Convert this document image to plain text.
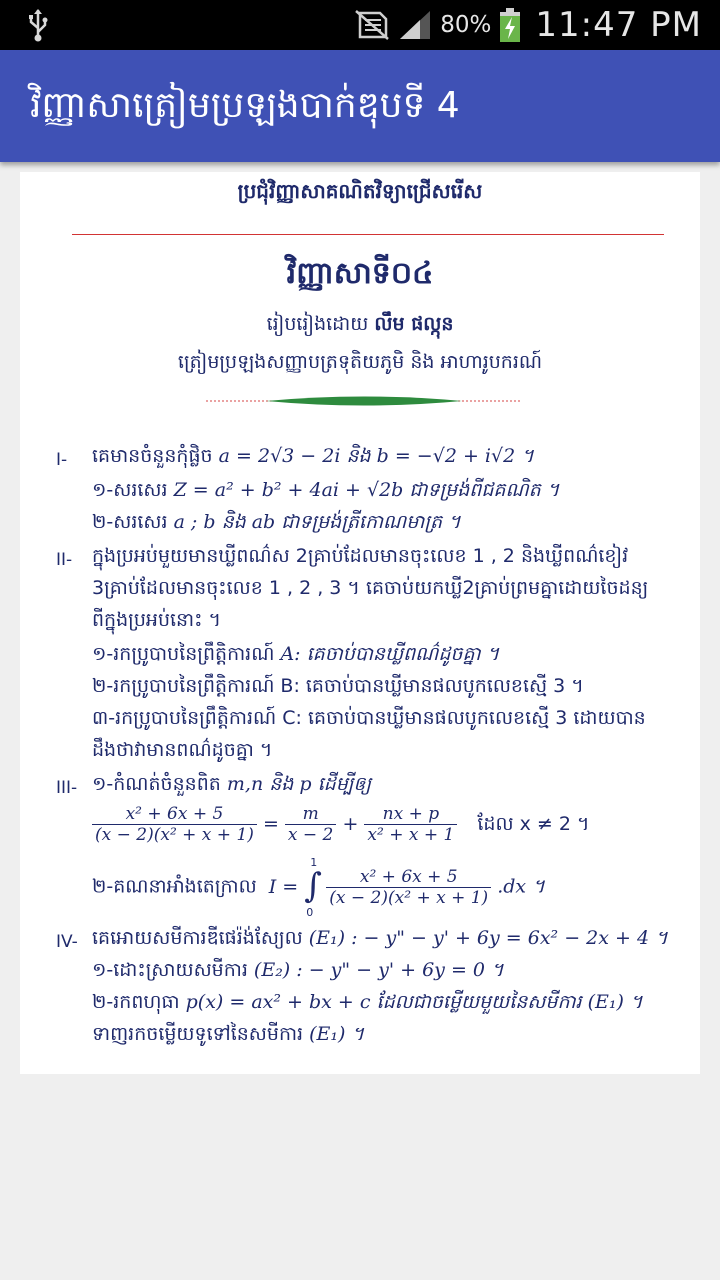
80% 11:47 PM
វិញ្ញាសាត្រៀមប្រឡងបាក់ឌុបទី 4
ប្រជុំវិញ្ញាសាគណិតវិទ្យាជ្រើសរើស
វិញ្ញាសាទី០៤
រៀបរៀងដោយ លឹម ផល្កុន
ត្រៀមប្រឡងសញ្ញាបត្រទុតិយភូមិ និង អាហារូបករណ៍
I-	គេមានចំនួនកុំផ្លិច a = 2√3 − 2i និង b = −√2 + i√2 ។
១-សរសេរ Z = a² + b² + 4ai + √2b ជាទម្រង់ពីជគណិត ។
២-សរសេរ a ; b និង ab ជាទម្រង់ត្រីកោណមាត្រ ។
II-	ក្នុងប្រអប់មួយមានឃ្លីពណ៌ស 2គ្រាប់ដែលមានចុះលេខ 1 , 2 និងឃ្លីពណ៌ខៀវ
3គ្រាប់ដែលមានចុះលេខ 1 , 2 , 3 ។ គេចាប់យកឃ្លី2គ្រាប់ព្រមគ្នាដោយចៃដន្យ
ពីក្នុងប្រអប់នោះ ។
១-រកប្រូបាបនៃព្រឹត្តិការណ៍ A: គេចាប់បានឃ្លីពណ៌ដូចគ្នា ។
២-រកប្រូបាបនៃព្រឹត្តិការណ៍ B: គេចាប់បានឃ្លីមានផលបូកលេខស្មើ 3 ។
៣-រកប្រូបាបនៃព្រឹត្តិការណ៍ C: គេចាប់បានឃ្លីមានផលបូកលេខស្មើ 3 ដោយបាន
ដឹងថាវាមានពណ៌ដូចគ្នា ។
III- ១-កំណត់ចំនួនពិត m,n និង p ដើម្បីឲ្យ
$\frac{\text{x² + 6x + 5}}{\text{(x − 2)(x² + x + 1)}} = \frac{m}{x - 2} + \frac{nx + p}{\text{x² + x + 1}}$ ដែល x ≠ 2 ។
២-គណនាអាំងតេក្រាល I =
1
∫
0

$\frac{\text{x² + 6x + 5}}{\text{(x − 2)(x² + x + 1)}} .dx$ ។
IV- គេអោយសមីការឌីផេរ៉ង់ស្យែល (E₁) : − y" − y' + 6y = 6x² − 2x + 4 ។
១-ដោះស្រាយសមីការ (E₂) : − y" − y' + 6y = 0 ។
២-រកពហុធា p(x) = ax² + bx + c ដែលជាចម្លើយមួយនៃសមីការ (E₁) ។
ទាញរកចម្លើយទូទៅនៃសមីការ (E₁) ។
